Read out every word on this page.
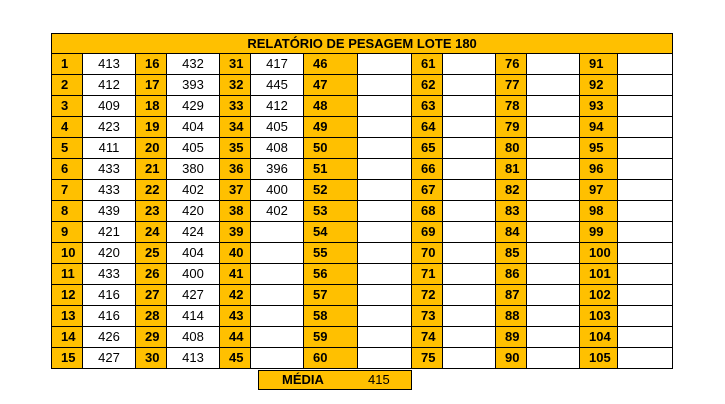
RELATÓRIO DE PESAGEM LOTE 180													
1	413	16	432	31	417	46		61		76		91	
2	412	17	393	32	445	47		62		77		92	
3	409	18	429	33	412	48		63		78		93	
4	423	19	404	34	405	49		64		79		94	
5	411	20	405	35	408	50		65		80		95	
6	433	21	380	36	396	51		66		81		96	
7	433	22	402	37	400	52		67		82		97	
8	439	23	420	38	402	53		68		83		98	
9	421	24	424	39		54		69		84		99	
10	420	25	404	40		55		70		85		100	
11	433	26	400	41		56		71		86		101	
12	416	27	427	42		57		72		87		102	
13	416	28	414	43		58		73		88		103	
14	426	29	408	44		59		74		89		104	
15	427	30	413	45		60		75		90		105	
MÉDIA	415
